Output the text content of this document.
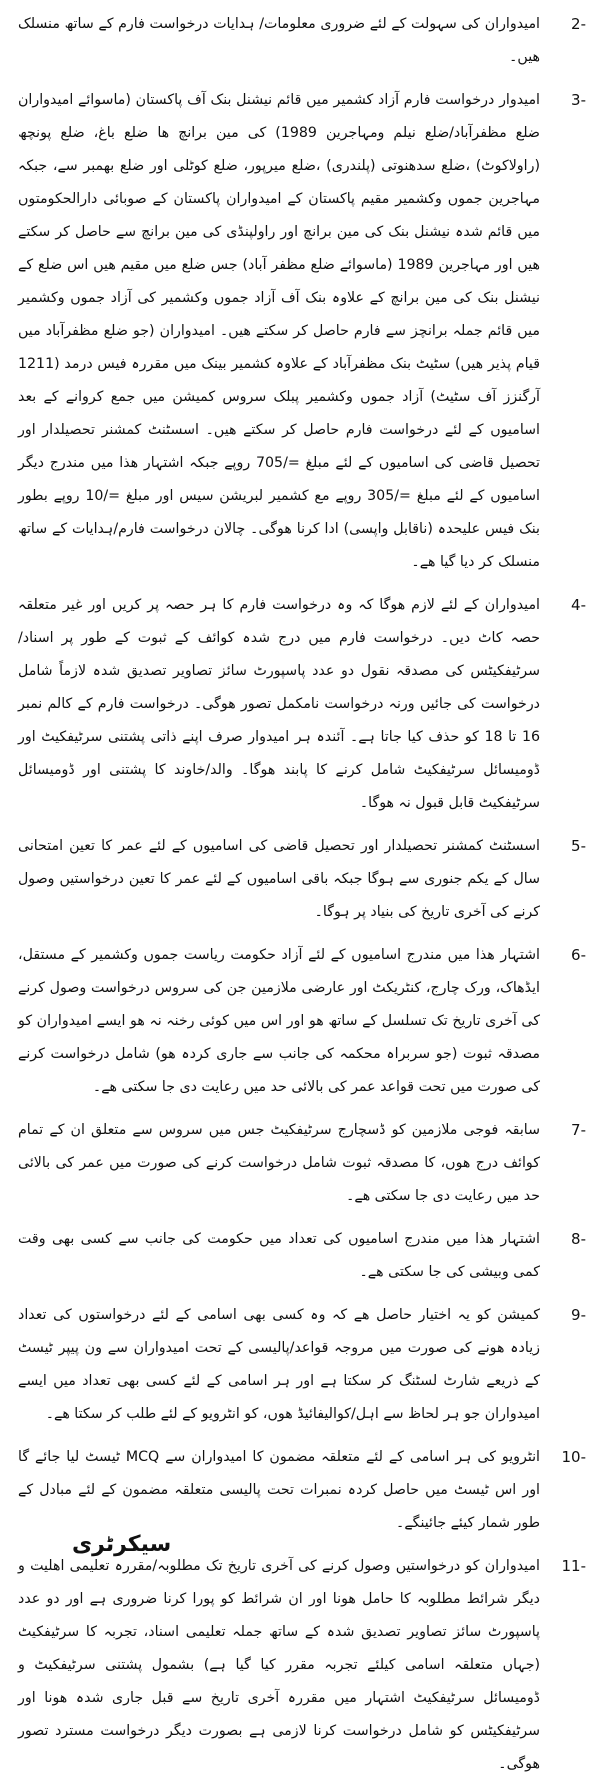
2-
امیدواران کی سہولت کے لئے ضروری معلومات/ ہدایات درخواست فارم کے ساتھ منسلک ھیں۔
3-
امیدوار درخواست فارم آزاد کشمیر میں قائم نیشنل بنک آف پاکستان (ماسوائے امیدواران ضلع مظفرآباد/ضلع نیلم ومہاجرین 1989) کی مین برانچ ھا ضلع باغ، ضلع پونچھ (راولاکوٹ) ،ضلع سدھنوتی (پلندری) ،ضلع میرپور، ضلع کوٹلی اور ضلع بھمبر سے، جبکہ مہاجرین جموں وکشمیر مقیم پاکستان کے امیدواران پاکستان کے صوبائی دارالحکومتوں میں قائم شدہ نیشنل بنک کی مین برانچ اور راولپنڈی کی مین برانچ سے حاصل کر سکتے ھیں اور مہاجرین 1989 (ماسوائے ضلع مظفر آباد) جس ضلع میں مقیم ھیں اس ضلع کے نیشنل بنک کی مین برانچ کے علاوہ بنک آف آزاد جموں وکشمیر کی آزاد جموں وکشمیر میں قائم جملہ برانچز سے فارم حاصل کر سکتے ھیں۔ امیدواران (جو ضلع مظفرآباد میں قیام پذیر ھیں) سٹیٹ بنک مظفرآباد کے علاوہ کشمیر بینک میں مقررہ فیس درمد (1211 آرگنزز آف سٹیٹ) آزاد جموں وکشمیر پبلک سروس کمیشن میں جمع کروانے کے بعد اسامیوں کے لئے درخواست فارم حاصل کر سکتے ھیں۔ اسسٹنٹ کمشنر تحصیلدار اور تحصیل قاضی کی اسامیوں کے لئے مبلغ =/705 روپے جبکہ اشتہار ھذا میں مندرج دیگر اسامیوں کے لئے مبلغ =/305 روپے مع کشمیر لبریشن سیس اور مبلغ =/10 روپے بطور بنک فیس علیحدہ (ناقابل واپسی) ادا کرنا ھوگی۔ چالان درخواست فارم/ہدایات کے ساتھ منسلک کر دیا گیا ھے۔
4-
امیدواران کے لئے لازم ھوگا کہ وہ درخواست فارم کا ہر حصہ پر کریں اور غیر متعلقہ حصہ کاٹ دیں۔ درخواست فارم میں درج شدہ کوائف کے ثبوت کے طور پر اسناد/سرٹیفکیٹس کی مصدقہ نقول دو عدد پاسپورٹ سائز تصاویر تصدیق شدہ لازماً شامل درخواست کی جائیں ورنہ درخواست نامکمل تصور ھوگی۔ درخواست فارم کے کالم نمبر 16 تا 18 کو حذف کیا جاتا ہے۔ آئندہ ہر امیدوار صرف اپنے ذاتی پشتنی سرٹیفکیٹ اور ڈومیسائل سرٹیفکیٹ شامل کرنے کا پابند ھوگا۔ والد/خاوند کا پشتنی اور ڈومیسائل سرٹیفکیٹ قابل قبول نہ ھوگا۔
5-
اسسٹنٹ کمشنر تحصیلدار اور تحصیل قاضی کی اسامیوں کے لئے عمر کا تعین امتحانی سال کے یکم جنوری سے ہوگا جبکہ باقی اسامیوں کے لئے عمر کا تعین درخواستیں وصول کرنے کی آخری تاریخ کی بنیاد پر ہوگا۔
6-
اشتہار ھذا میں مندرج اسامیوں کے لئے آزاد حکومت ریاست جموں وکشمیر کے مستقل، ایڈھاک، ورک چارج، کنٹریکٹ اور عارضی ملازمین جن کی سروس درخواست وصول کرنے کی آخری تاریخ تک تسلسل کے ساتھ ھو اور اس میں کوئی رخنہ نہ ھو ایسے امیدواران کو مصدقہ ثبوت (جو سربراہ محکمہ کی جانب سے جاری کردہ ھو) شامل درخواست کرنے کی صورت میں تحت قواعد عمر کی بالائی حد میں رعایت دی جا سکتی ھے۔
7-
سابقہ فوجی ملازمین کو ڈسچارج سرٹیفکیٹ جس میں سروس سے متعلق ان کے تمام کوائف درج ھوں، کا مصدقہ ثبوت شامل درخواست کرنے کی صورت میں عمر کی بالائی حد میں رعایت دی جا سکتی ھے۔
8-
اشتہار ھذا میں مندرج اسامیوں کی تعداد میں حکومت کی جانب سے کسی بھی وقت کمی وبیشی کی جا سکتی ھے۔
9-
کمیشن کو یہ اختیار حاصل ھے کہ وہ کسی بھی اسامی کے لئے درخواستوں کی تعداد زیادہ ھونے کی صورت میں مروجہ قواعد/پالیسی کے تحت امیدواران سے ون پیپر ٹیسٹ کے ذریعے شارٹ لسٹنگ کر سکتا ہے اور ہر اسامی کے لئے کسی بھی تعداد میں ایسے امیدواران جو ہر لحاظ سے اہل/کوالیفائیڈ ھوں، کو انٹرویو کے لئے طلب کر سکتا ھے۔
10-
انٹرویو کی ہر اسامی کے لئے متعلقہ مضمون کا امیدواران سے MCQ ٹیسٹ لیا جائے گا اور اس ٹیسٹ میں حاصل کردہ نمبرات تحت پالیسی متعلقہ مضمون کے لئے مبادل کے طور شمار کیئے جائینگے۔
11-
امیدواران کو درخواستیں وصول کرنے کی آخری تاریخ تک مطلوبہ/مقررہ تعلیمی اھلیت و دیگر شرائط مطلوبہ کا حامل ھونا اور ان شرائط کو پورا کرنا ضروری ہے اور دو عدد پاسپورٹ سائز تصاویر تصدیق شدہ کے ساتھ جملہ تعلیمی اسناد، تجربہ کا سرٹیفکیٹ (جہاں متعلقہ اسامی کیلئے تجربہ مقرر کیا گیا ہے) بشمول پشتنی سرٹیفکیٹ و ڈومیسائل سرٹیفکیٹ اشتہار میں مقررہ آخری تاریخ سے قبل جاری شدہ ھونا اور سرٹیفکیٹس کو شامل درخواست کرنا لازمی ہے بصورت دیگر درخواست مسترد تصور ھوگی۔
سیکرٹری
